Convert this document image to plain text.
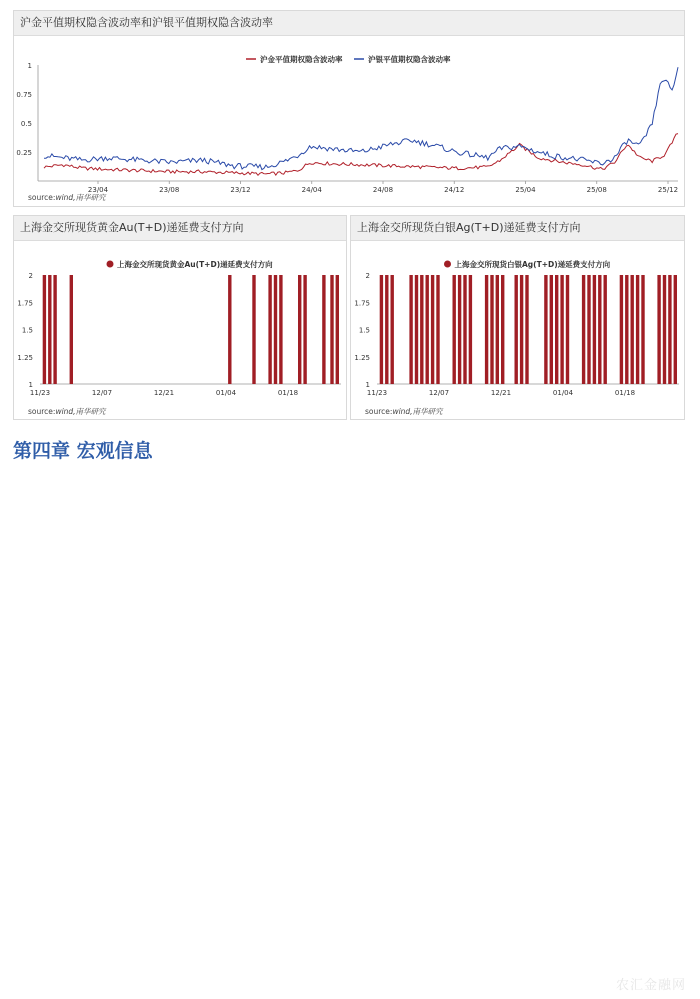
沪金平值期权隐含波动率和沪银平值期权隐含波动率
0.25
0.5
0.75
1
23/04	23/08	23/12	24/04	24/08	24/12	25/04	25/08	25/12
沪金平值期权隐含波动率	沪银平值期权隐含波动率
source:wind,南华研究
上海金交所现货黄金Au(T+D)递延费支付方向
1
1.25
1.5
1.75
2
11/23	12/07	12/21	01/04	01/18
上海金交所现货黄金Au(T+D)递延费支付方向
source:wind,南华研究
上海金交所现货白银Ag(T+D)递延费支付方向
1
1.25
1.5
1.75
2
11/23	12/07	12/21	01/04	01/18
上海金交所现货白银Ag(T+D)递延费支付方向
source:wind,南华研究
第四章 宏观信息
农汇金融网
